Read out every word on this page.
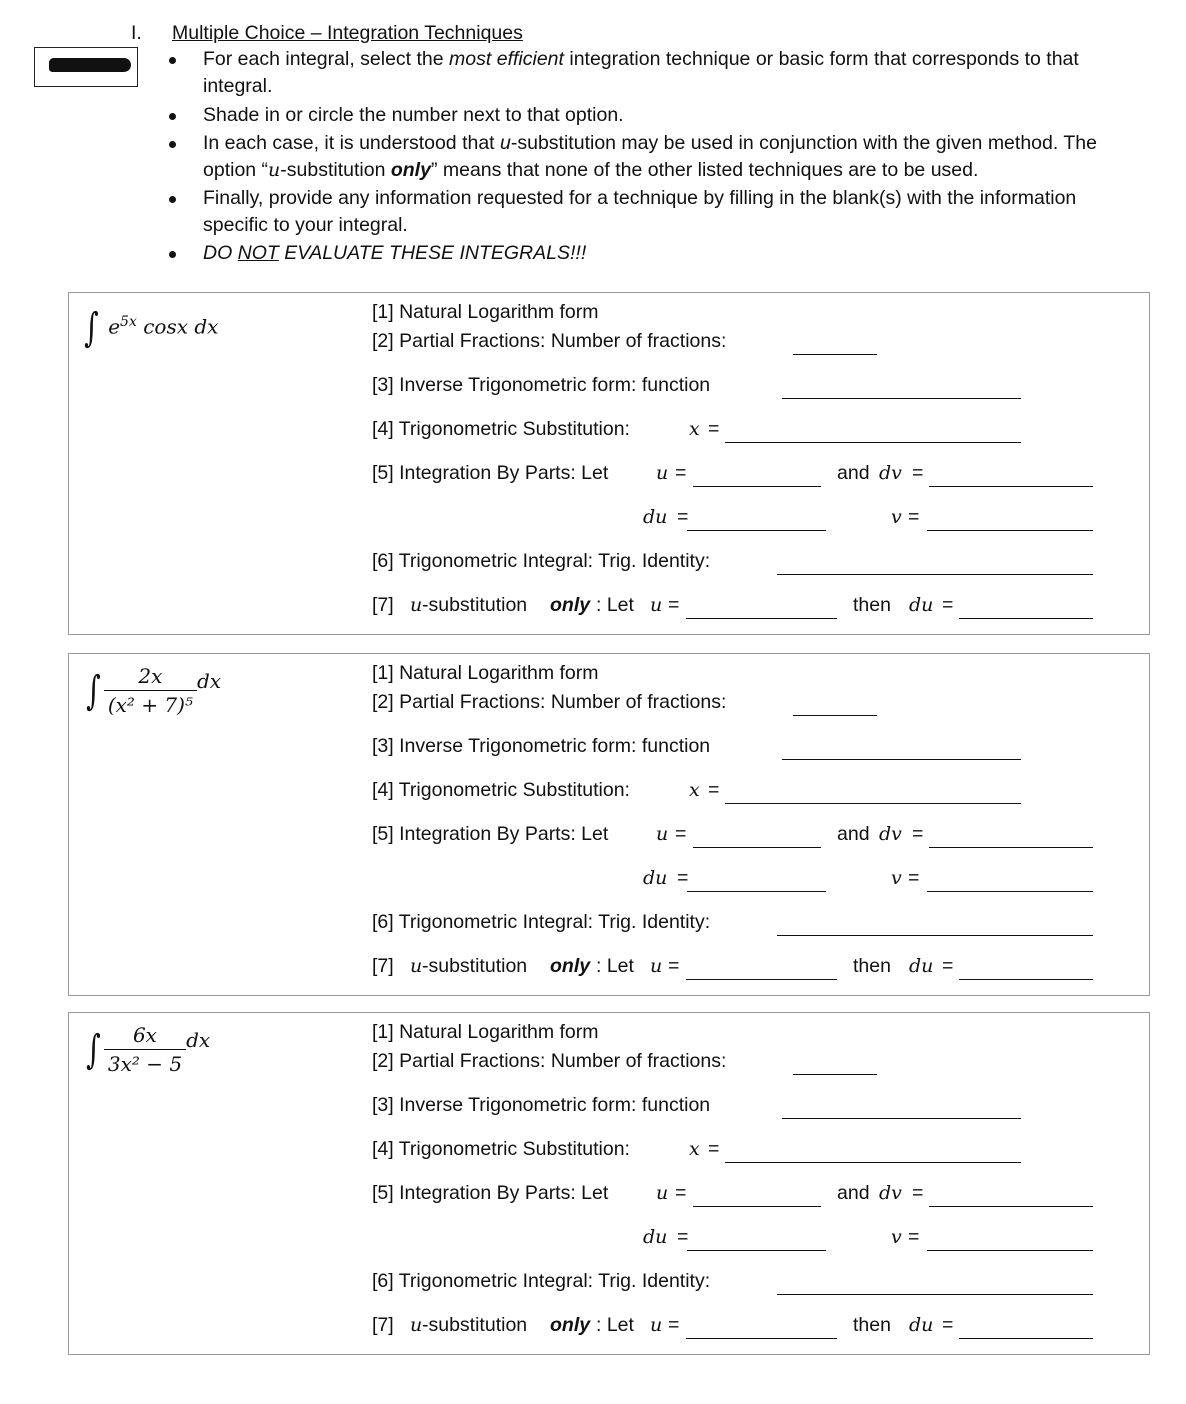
I. Multiple Choice – Integration Techniques
For each integral, select the most efficient integration technique or basic form that corresponds to that integral.
Shade in or circle the number next to that option.
In each case, it is understood that u-substitution may be used in conjunction with the given method. The option “u-substitution only” means that none of the other listed techniques are to be used.
Finally, provide any information requested for a technique by filling in the blank(s) with the information specific to your integral.
DO NOT EVALUATE THESE INTEGRALS!!!
∫ $e^{5x}$ cosx dx
[1] Natural Logarithm form
[2] Partial Fractions: Number of fractions:
[3] Inverse Trigonometric form: function
[4] Trigonometric Substitution:	x =
[5] Integration By Parts: Let	u =	and dv =
du =	v =
[6] Trigonometric Integral: Trig. Identity:
[7] u -substitution only : Let u =	then du =
∫ $\frac{2x}{\text{(x² + 7)⁵}}$ dx	[1] Natural Logarithm form
[2] Partial Fractions: Number of fractions:
[3] Inverse Trigonometric form: function
[4] Trigonometric Substitution:	x =
[5] Integration By Parts: Let	u =	and dv =
du =	v =
[6] Trigonometric Integral: Trig. Identity:
[7] u -substitution only : Let u =	then du =
∫ $\frac{6x}{\text{3x² − 5}}$ dx	[1] Natural Logarithm form
[2] Partial Fractions: Number of fractions:
[3] Inverse Trigonometric form: function
[4] Trigonometric Substitution:	x =
[5] Integration By Parts: Let	u =	and dv =
du =	v =
[6] Trigonometric Integral: Trig. Identity:
[7] u -substitution only : Let u =	then du =
